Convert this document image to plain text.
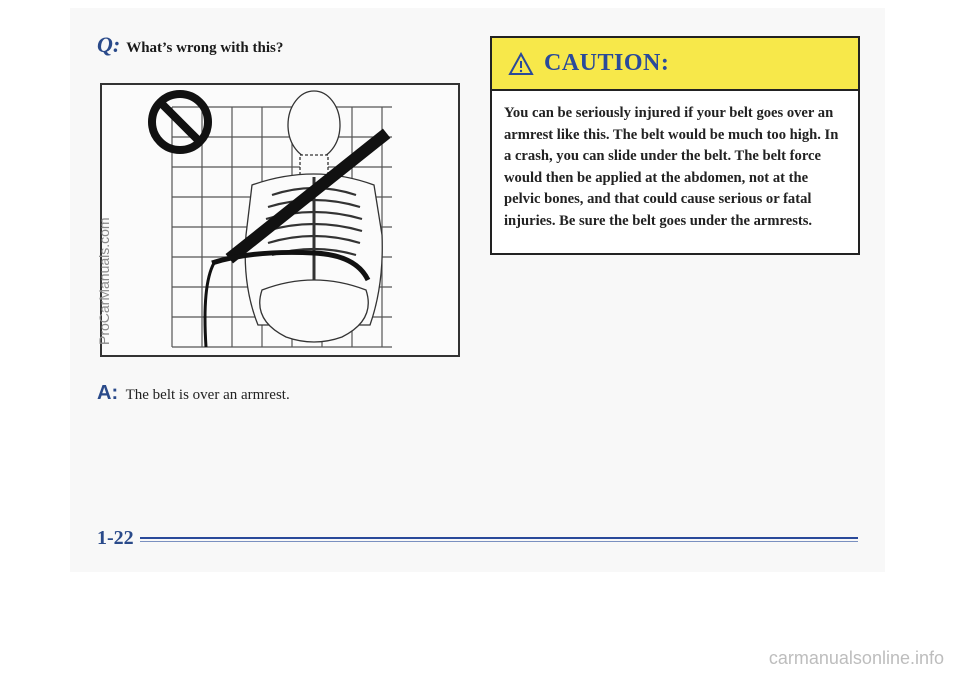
Q: What’s wrong with this?
A: The belt is over an armrest.
CAUTION:
You can be seriously injured if your belt goes over an armrest like this. The belt would be much too high. In a crash, you can slide under the belt. The belt force would then be applied at the abdomen, not at the pelvic bones, and that could cause serious or fatal injuries. Be sure the belt goes under the armrests.
1-22
ProCarManuals.com
carmanualsonline.info
